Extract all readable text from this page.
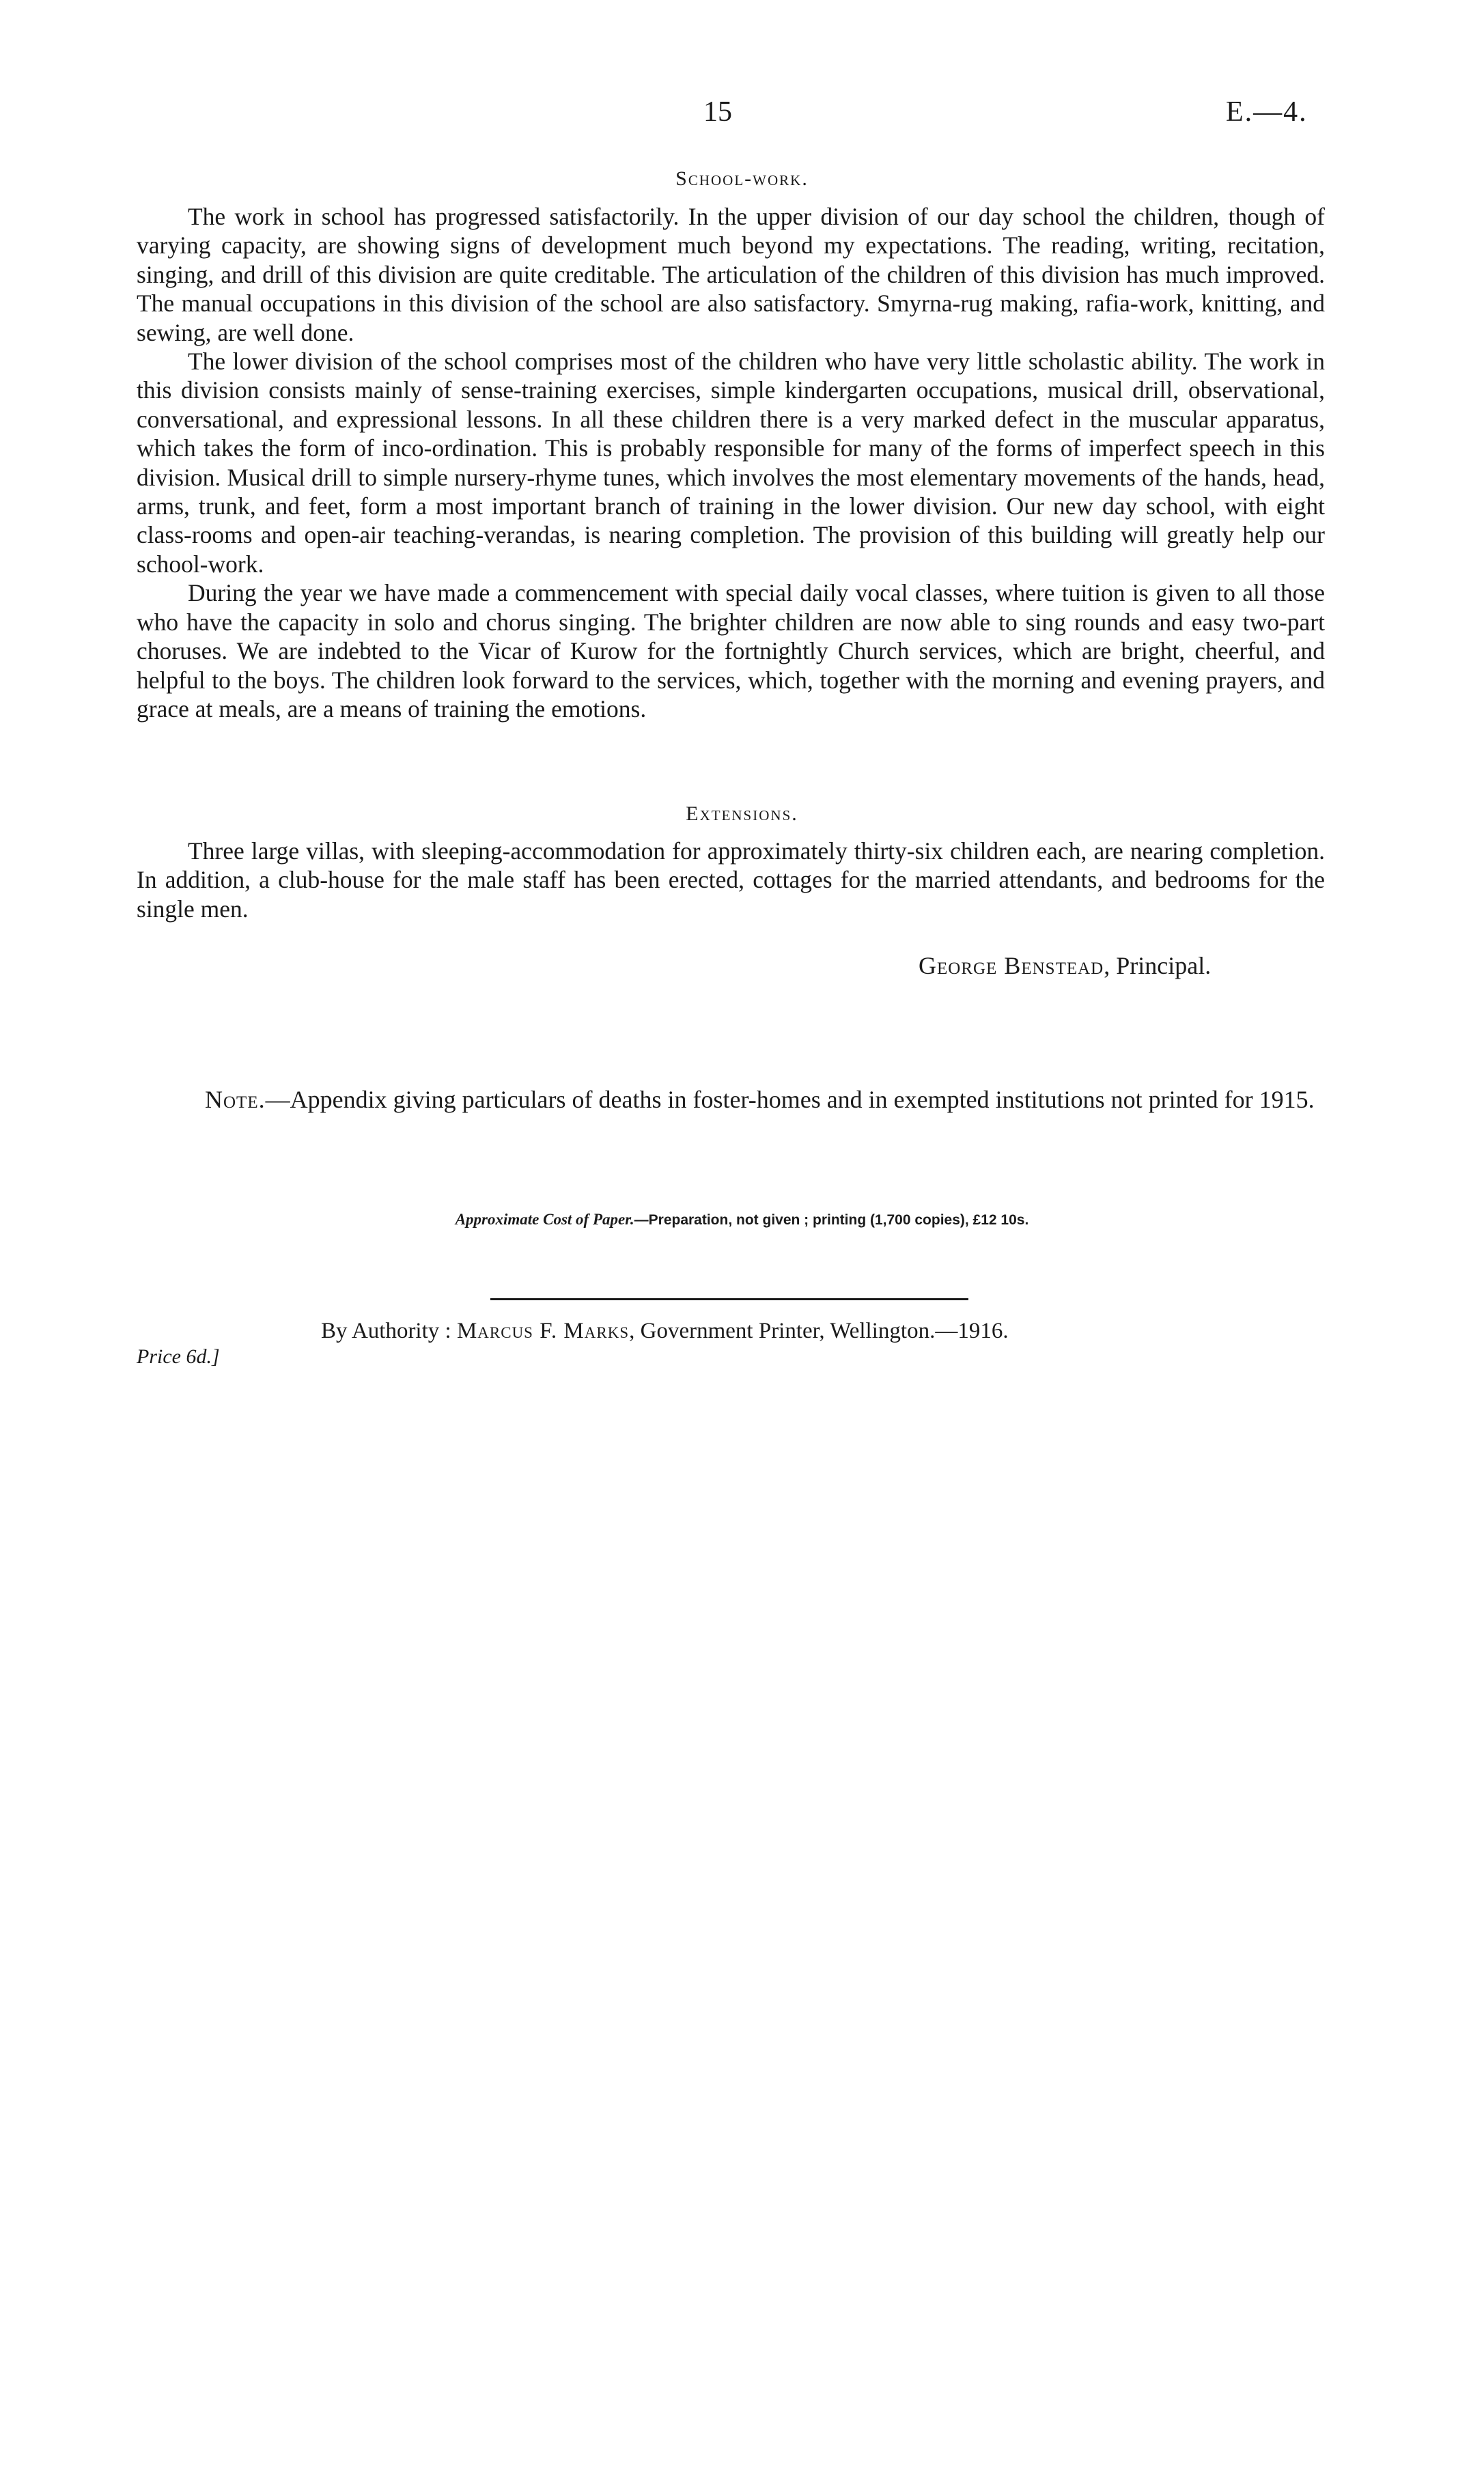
15	E.—4.
School-work.

The work in school has progressed satisfactorily. In the upper division of our day school the children, though of varying capacity, are showing signs of development much beyond my expectations. The reading, writing, recitation, singing, and drill of this division are quite creditable. The articulation of the children of this division has much improved. The manual occupations in this division of the school are also satisfactory. Smyrna-rug making, rafia-work, knitting, and sewing, are well done.

The lower division of the school comprises most of the children who have very little scholastic ability. The work in this division consists mainly of sense-training exercises, simple kindergarten occupations, musical drill, observational, conversational, and expressional lessons. In all these children there is a very marked defect in the muscular apparatus, which takes the form of inco-ordination. This is probably responsible for many of the forms of imperfect speech in this division. Musical drill to simple nursery-rhyme tunes, which involves the most elementary movements of the hands, head, arms, trunk, and feet, form a most important branch of training in the lower division. Our new day school, with eight class-rooms and open-air teaching-verandas, is nearing completion. The provision of this building will greatly help our school-work.

During the year we have made a commencement with special daily vocal classes, where tuition is given to all those who have the capacity in solo and chorus singing. The brighter children are now able to sing rounds and easy two-part choruses. We are indebted to the Vicar of Kurow for the fortnightly Church services, which are bright, cheerful, and helpful to the boys. The children look forward to the services, which, together with the morning and evening prayers, and grace at meals, are a means of training the emotions.

Extensions.

Three large villas, with sleeping-accommodation for approximately thirty-six children each, are nearing completion. In addition, a club-house for the male staff has been erected, cottages for the married attendants, and bedrooms for the single men.

George Benstead, Principal.

Note.—Appendix giving particulars of deaths in foster-homes and in exempted institutions not printed for 1915.

Approximate Cost of Paper.—Preparation, not given ; printing (1,700 copies), £12 10s.
By Authority : Marcus F. Marks, Government Printer, Wellington.—1916.
Price 6d.]
